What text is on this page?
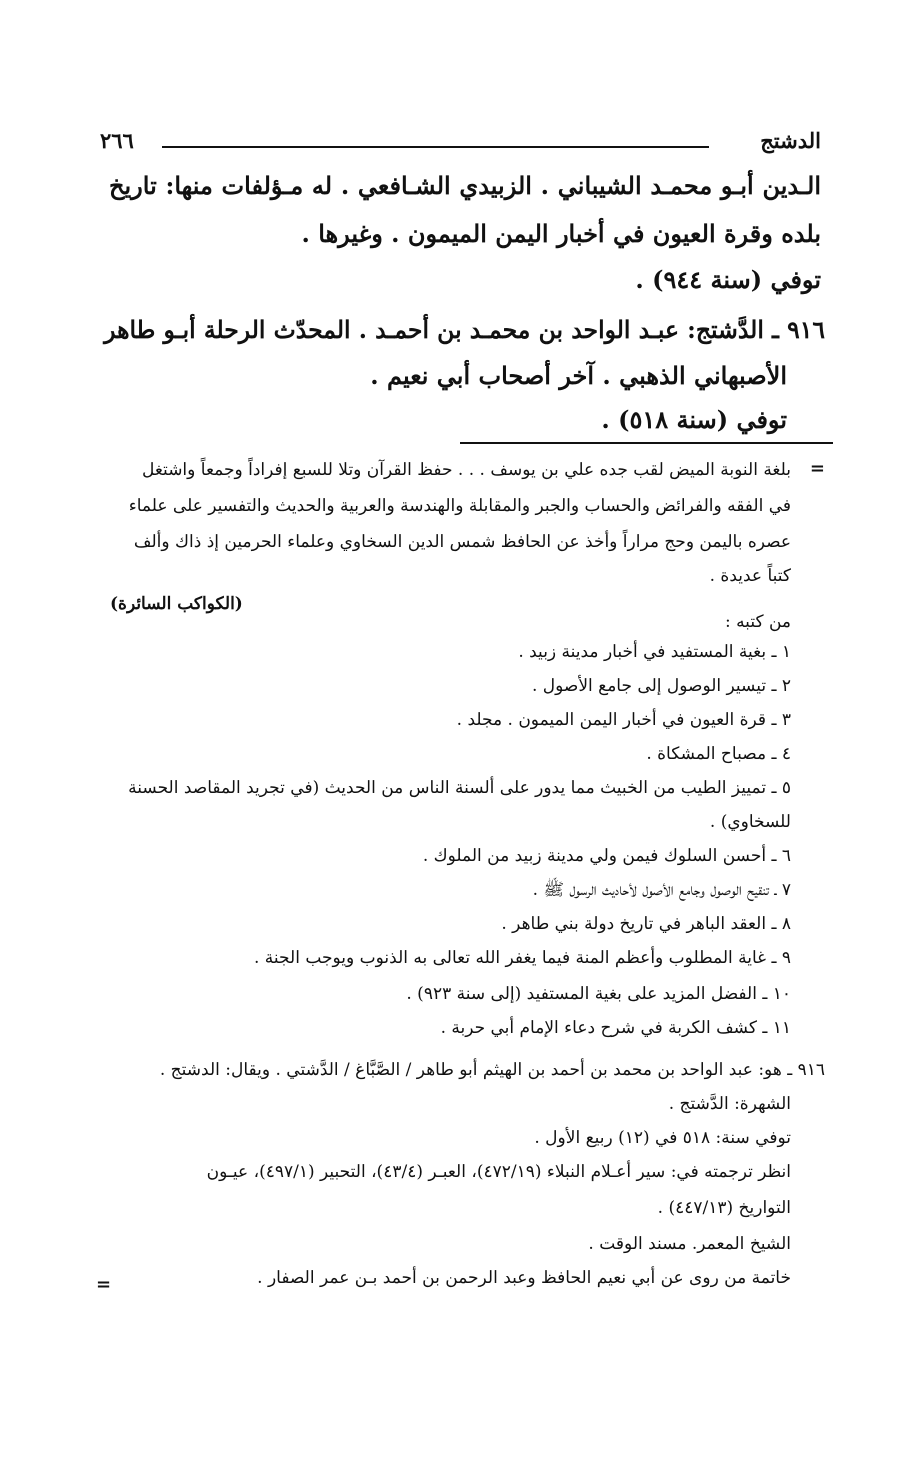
الدشتج
٢٦٦
الـدين أبـو محمـد الشيباني . الزبيدي الشـافعي . له مـؤلفات منها: تاريخ
بلده وقرة العيون في أخبار اليمن الميمون . وغيرها .
توفي (سنة ٩٤٤) .
٩١٦ ـ الدَّشتج: عبـد الواحد بن محمـد بن أحمـد . المحدّث الرحلة أبـو طاهر
الأصبهاني الذهبي . آخر أصحاب أبي نعيم .
توفي (سنة ٥١٨) .
=
بلغة النوبة الميض لقب جده علي بن يوسف . . . حفظ القرآن وتلا للسبع إفراداً وجمعاً واشتغل
في الفقه والفرائض والحساب والجبر والمقابلة والهندسة والعربية والحديث والتفسير على علماء
عصره باليمن وحج مراراً وأخذ عن الحافظ شمس الدين السخاوي وعلماء الحرمين إذ ذاك وألف
كتباً عديدة .
(الكواكب السائرة)
من كتبه :
١ ـ بغية المستفيد في أخبار مدينة زبيد .
٢ ـ تيسير الوصول إلى جامع الأصول .
٣ ـ قرة العيون في أخبار اليمن الميمون . مجلد .
٤ ـ مصباح المشكاة .
٥ ـ تمييز الطيب من الخبيث مما يدور على ألسنة الناس من الحديث (في تجريد المقاصد الحسنة
للسخاوي) .
٦ ـ أحسن السلوك فيمن ولي مدينة زبيد من الملوك .
٧ ـ تنقيح الوصول وجامع الأصول لأحاديث الرسول ﷺ .
٨ ـ العقد الباهر في تاريخ دولة بني طاهر .
٩ ـ غاية المطلوب وأعظم المنة فيما يغفر الله تعالى به الذنوب ويوجب الجنة .
١٠ ـ الفضل المزيد على بغية المستفيد (إلى سنة ٩٢٣) .
١١ ـ كشف الكربة في شرح دعاء الإمام أبي حربة .
٩١٦ ـ هو: عبد الواحد بن محمد بن أحمد بن الهيثم أبو طاهر / الصَّبَّاغ / الدَّشتي . ويقال: الدشتج .
الشهرة: الدَّشتج .
توفي سنة: ٥١٨ في (١٢) ربيع الأول .
انظر ترجمته في: سير أعـلام النبلاء (٤٧٢/١٩)، العبـر (٤٣/٤)، التحبير (٤٩٧/١)، عيـون
التواريخ (٤٤٧/١٣) .
الشيخ المعمر. مسند الوقت .
خاتمة من روى عن أبي نعيم الحافظ وعبد الرحمن بن أحمد بـن عمر الصفار .
=
